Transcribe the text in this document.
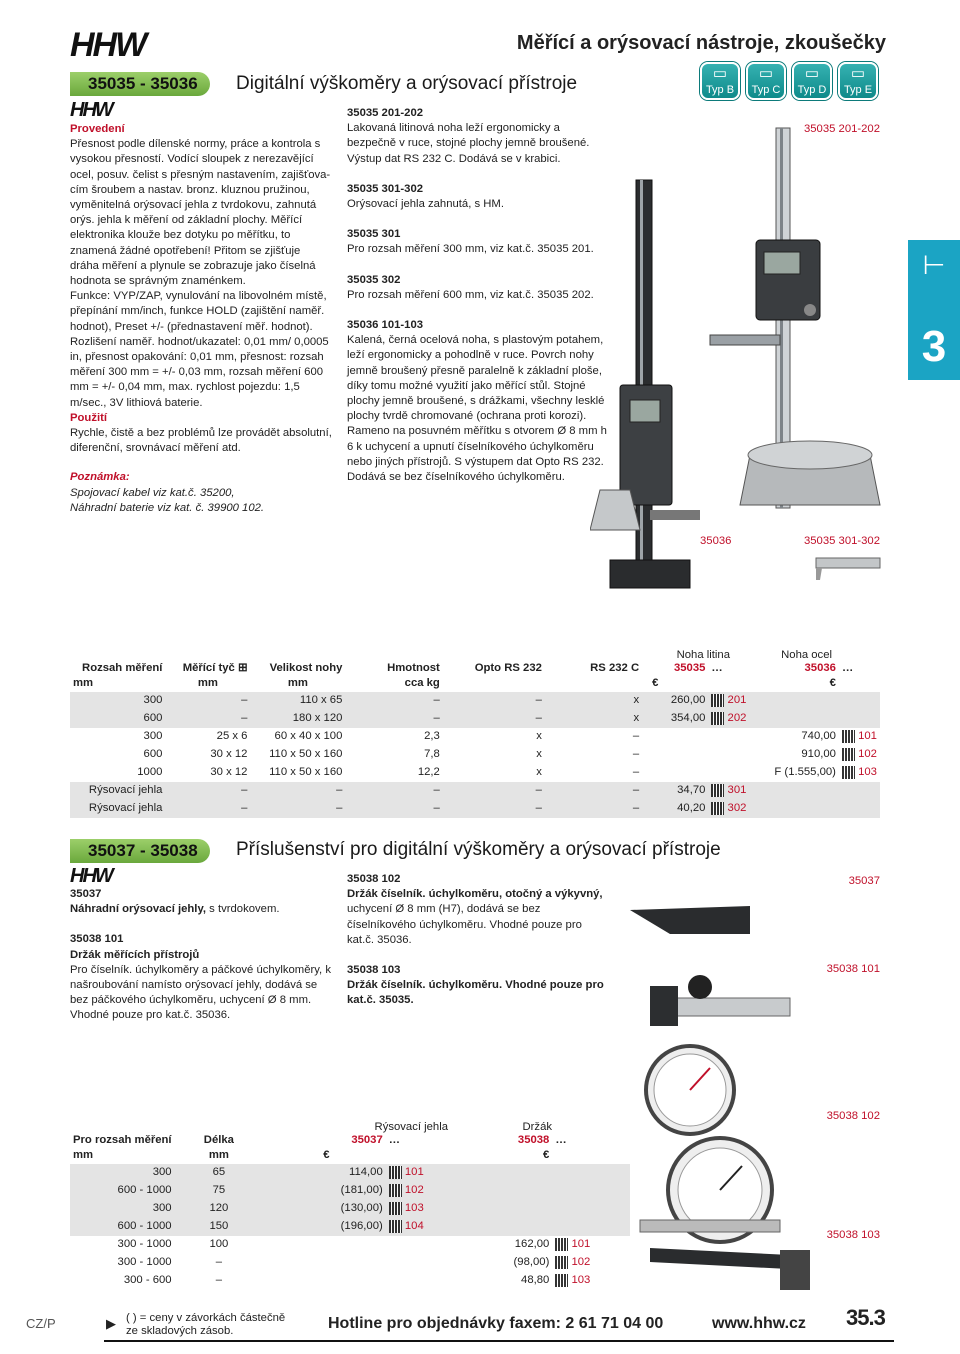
HHW	Měřící a orýsovací nástroje, zkoušečky
▭
Typ B
▭
Typ C
▭
Typ D
▭
Typ E
⊢
3
35035 - 35036	Digitální výškoměry a orýsovací přístroje
HHW

Provedení

Přesnost podle dílenské normy, práce a kontrola s vysokou přesností. Vodící sloupek z nerezavějící ocel, posuv. čelist s přesným nastavením, zajišťova-cím šroubem a nastav. bronz. kluznou pružinou, vyměnitelná orýsovací jehla z tvrdokovu, zahnutá orýs. jehla k měření od základní plochy. Měřící elektronika klouže bez dotyku po měřítku, to znamená žádné opotřebení! Přitom se zjišťuje dráha měření a plynule se zobrazuje jako číselná hodnota se správným znaménkem.

Funkce: VYP/ZAP, vynulování na libovolném místě, přepínání mm/inch, funkce HOLD (zajištění naměř. hodnot), Preset +/- (přednastavení měř. hodnot).

Rozlišení naměř. hodnot/ukazatel: 0,01 mm/ 0,0005 in, přesnost opakování: 0,01 mm, přesnost: rozsah měření 300 mm = +/- 0,03 mm, rozsah měření 600 mm = +/- 0,04 mm, max. rychlost pojezdu: 1,5 m/sec., 3V lithiová baterie.

Použití

Rychle, čistě a bez problémů lze provádět absolutní, diferenční, srovnávací měření atd.

Poznámka:

Spojovací kabel viz kat.č. 35200,

Náhradní baterie viz kat. č. 39900 102.

35035 201-202

Lakovaná litinová noha leží ergonomicky a bezpečně v ruce, stojné plochy jemně broušené. Výstup dat RS 232 C. Dodává se v krabici.

35035 301-302

Orýsovací jehla zahnutá, s HM.

35035 301

Pro rozsah měření 300 mm, viz kat.č. 35035 201.

35035 302

Pro rozsah měření 600 mm, viz kat.č. 35035 202.

35036 101-103

Kalená, černá ocelová noha, s plastovým potahem, leží ergonomicky a pohodlně v ruce. Povrch nohy jemně broušený přesně paralelně k základní ploše, díky tomu možné využití jako měřící stůl. Stojné plochy jemně broušené, s drážkami, všechny lesklé plochy tvrdě chromované (ochrana proti korozi). Rameno na posuvném měřítku s otvorem Ø 8 mm h 6 k uchycení a upnutí číselníkového úchylkoměru nebo jiných přístrojů. S výstupem dat Opto RS 232. Dodává se bez číselníkového úchylkoměru.

35035 201-202
35036	35035 301-302
Noha litina	Noha ocel
Rozsah měření	Měřící tyč ⊞	Velikost nohy	Hmotnost	Opto RS 232	RS 232 C	35035	…	35036	…
mm	mm	mm	cca kg			€		€	
300	–	110 x 65	–	–	x	260,00	201		
600	–	180 x 120	–	–	x	354,00	202		
300	25 x 6	60 x 40 x 100	2,3	x	–			740,00	101
600	30 x 12	110 x 50 x 160	7,8	x	–			910,00	102
1000	30 x 12	110 x 50 x 160	12,2	x	–			F (1.555,00)	103
Rýsovací jehla	–	–	–	–	–	34,70	301		
Rýsovací jehla	–	–	–	–	–	40,20	302		
35037 - 35038	Příslušenství pro digitální výškoměry a orýsovací přístroje
HHW

35037

Náhradní orýsovací jehly, s tvrdokovem.

35038 101

Držák měřících přístrojů

Pro číselník. úchylkoměry a páčkové úchylkoměry, k našroubování namísto orýsovací jehly, dodává se bez páčkového úchylkoměru, uchycení Ø 8 mm. Vhodné pouze pro kat.č. 35036.

35038 102

Držák číselník. úchylkoměru, otočný a výkyvný, uchycení Ø 8 mm (H7), dodává se bez číselníkového úchylkoměru. Vhodné pouze pro kat.č. 35036.

35038 103

Držák číselník. úchylkoměru. Vhodné pouze pro kat.č. 35035.

35037
35038 101
35038 102
35038 103
Rýsovací jehla	Držák
Pro rozsah měření	Délka	35037	…	35038	…
mm	mm	€		€	
300	65	114,00	101		
600 - 1000	75	(181,00)	102		
300	120	(130,00)	103		
600 - 1000	150	(196,00)	104		
300 - 1000	100			162,00	101
300 - 1000	–			(98,00)	102
300 - 600	–			48,80	103
CZ/P	▶ ( ) = ceny v závorkách částečně
ze skladových zásob.	Hotline pro objednávky faxem: 2 61 71 04 00	www.hhw.cz 35.3
